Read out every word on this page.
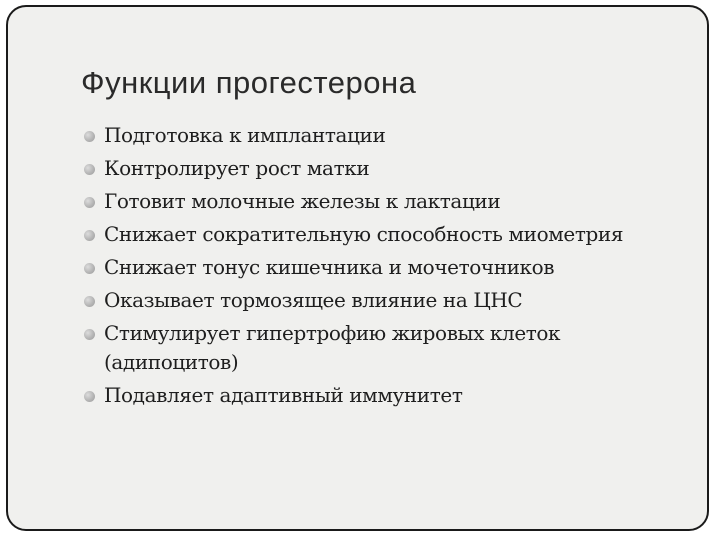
Функции прогестерона
Подготовка к имплантации
Контролирует рост матки
Готовит молочные железы к лактации
Снижает сократительную способность миометрия
Снижает тонус кишечника и мочеточников
Оказывает тормозящее влияние на ЦНС
Стимулирует гипертрофию жировых клеток (адипоцитов)
Подавляет адаптивный иммунитет
